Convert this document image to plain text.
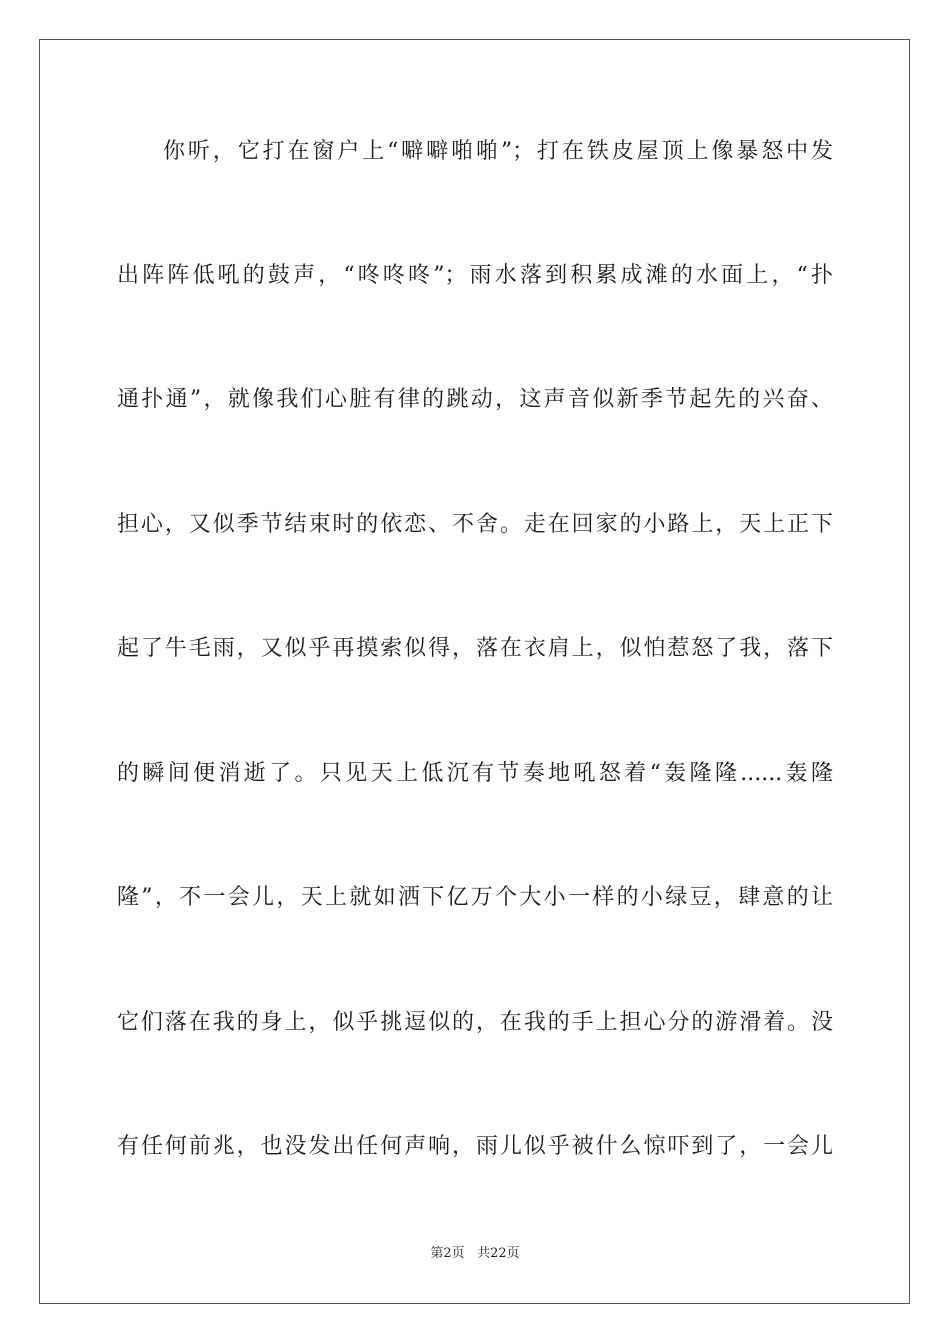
你听，它打在窗户上“噼噼啪啪”；打在铁皮屋顶上像暴怒中发
出阵阵低吼的鼓声，“咚咚咚”；雨水落到积累成滩的水面上，“扑
通扑通”，就像我们心脏有律的跳动，这声音似新季节起先的兴奋、
担心，又似季节结束时的依恋、不舍。走在回家的小路上，天上正下
起了牛毛雨，又似乎再摸索似得，落在衣肩上，似怕惹怒了我，落下
的瞬间便消逝了。只见天上低沉有节奏地吼怒着“轰隆隆......轰隆
隆”，不一会儿，天上就如洒下亿万个大小一样的小绿豆，肆意的让
它们落在我的身上，似乎挑逗似的，在我的手上担心分的游滑着。没
有任何前兆，也没发出任何声响，雨儿似乎被什么惊吓到了，一会儿
第2页 共22页
